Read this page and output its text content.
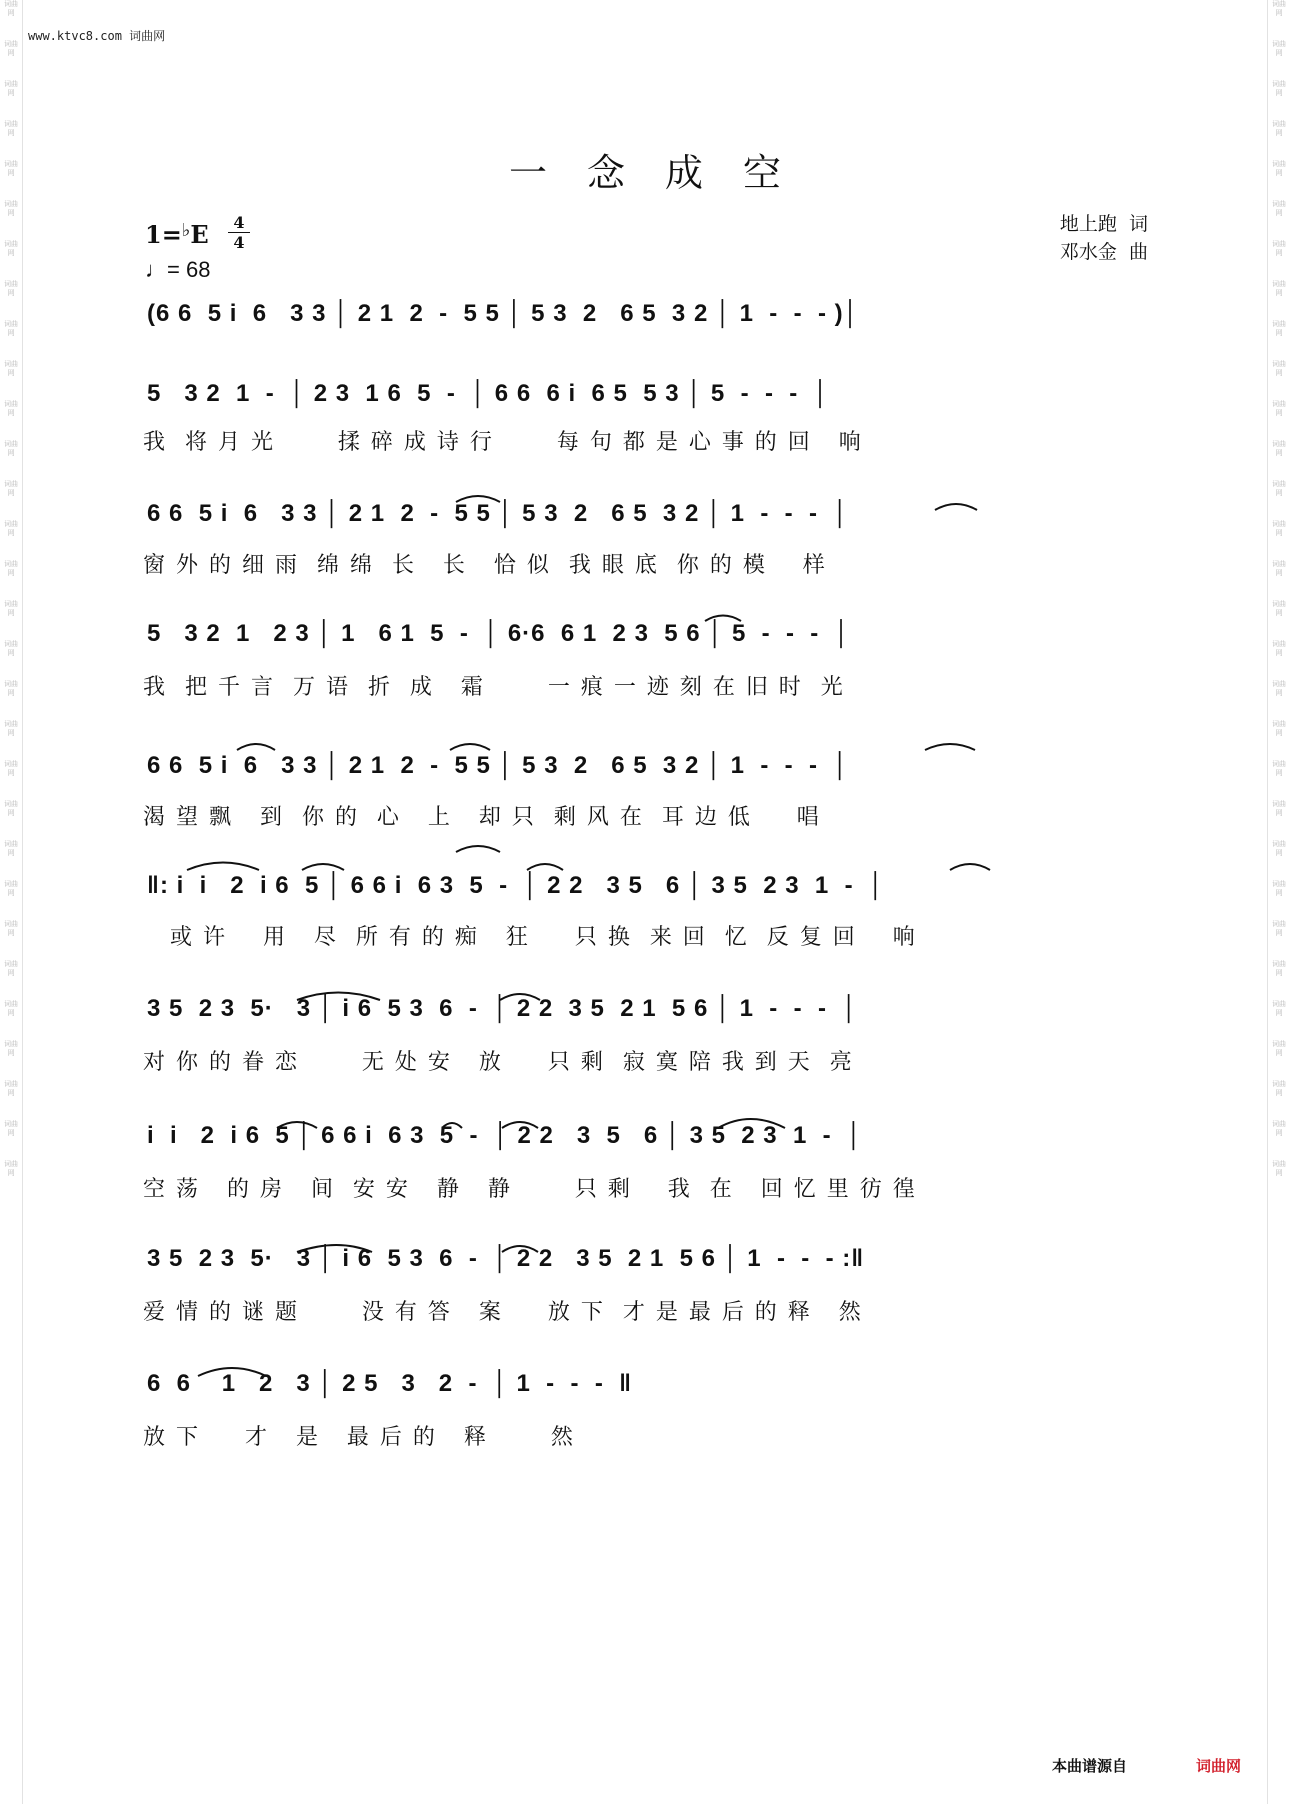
词曲网
词曲网
词曲网
词曲网
词曲网
词曲网
词曲网
词曲网
词曲网
词曲网
词曲网
词曲网
词曲网
词曲网
词曲网
词曲网
词曲网
词曲网
词曲网
词曲网
词曲网
词曲网
词曲网
词曲网
词曲网
词曲网
词曲网
词曲网
词曲网
词曲网
词曲网
词曲网
词曲网
词曲网
词曲网
词曲网
词曲网
词曲网
词曲网
词曲网
词曲网
词曲网
词曲网
词曲网
词曲网
词曲网
词曲网
词曲网
词曲网
词曲网
词曲网
词曲网
词曲网
词曲网
词曲网
词曲网
词曲网
词曲网
词曲网
词曲网
www.ktvc8.com 词曲网
一念成空
1=♭E	4
4
♩= 68
地上跑  词
邓水金  曲
(6 6  5 i  6   3 3 │ 2 1  2  -  5 5 │ 5 3  2   6 5  3 2 │ 1  -  -  - )│
5   3 2  1  -  │ 2 3  1 6  5  -  │ 6 6  6 i  6 5  5 3 │ 5  -  -  -  │
我  将 月 光       揉 碎 成 诗 行       每 句 都 是 心 事 的 回   响
6 6  5 i  6   3 3 │ 2 1  2  -  5 5 │ 5 3  2   6 5  3 2 │ 1  -  -  -  │
窗 外 的 细 雨  绵 绵  长   长   恰 似  我 眼 底  你 的 模    样
5   3 2  1   2 3 │ 1   6 1  5  -  │ 6·6  6 1  2 3  5 6 │ 5  -  -  -  │
我  把 千 言  万 语  折  成   霜       一 痕 一 迹 刻 在 旧 时  光
6 6  5 i  6   3 3 │ 2 1  2  -  5 5 │ 5 3  2   6 5  3 2 │ 1  -  -  -  │
渴 望 飘   到  你 的  心   上   却 只  剩 风 在  耳 边 低     唱
‖: i  i   2  i 6  5 │ 6 6 i  6 3  5  -  │ 2 2   3 5   6 │ 3 5  2 3  1  -  │
或 许    用   尽  所 有 的 痴   狂     只 换  来 回  忆  反 复 回    响
3 5  2 3  5·   3 │ i 6  5 3  6  -  │ 2 2  3 5  2 1  5 6 │ 1  -  -  -  │
对 你 的 眷 恋       无 处 安   放     只 剩  寂 寞 陪 我 到 天  亮
i  i   2  i 6  5 │ 6 6 i  6 3  5  -  │ 2 2   3  5   6 │ 3 5  2 3  1  -  │
空 荡   的 房   间  安 安   静   静       只 剩    我  在   回 忆 里 彷 徨
3 5  2 3  5·   3 │ i 6  5 3  6  -  │ 2 2   3 5  2 1  5 6 │ 1  -  -  - :‖
爱 情 的 谜 题       没 有 答   案     放 下  才 是 最 后 的 释   然
6  6    1   2   3 │ 2 5   3   2  -  │ 1  -  -  -  ‖
放 下     才   是   最 后 的   释       然
本曲谱源自	词曲网
